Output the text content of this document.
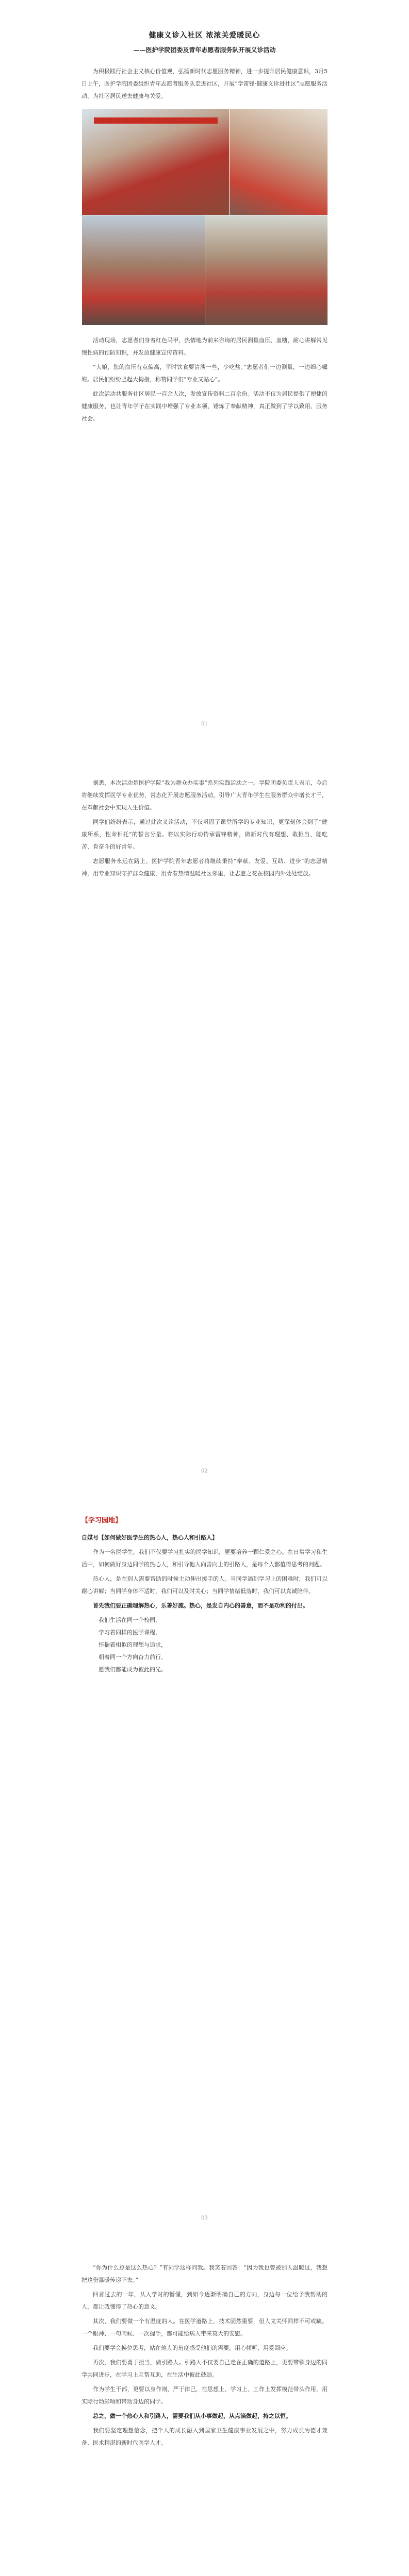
健康义诊入社区 浓浓关爱暖民心
——医护学院团委及青年志愿者服务队开展义诊活动

为积极践行社会主义核心价值观，弘扬新时代志愿服务精神，进一步提升居民健康意识，3月5日上午，医护学院团委组织青年志愿者服务队走进社区，开展“学雷锋·健康义诊进社区”志愿服务活动，为社区居民送去健康与关爱。

活动现场，志愿者们身着红色马甲，热情地为前来咨询的居民测量血压、血糖，耐心讲解常见慢性病的预防知识，并发放健康宣传资料。

“大娘，您的血压有点偏高，平时饮食要清淡一些，少吃盐。”志愿者们一边测量，一边细心嘱咐。居民们纷纷竖起大拇指，称赞同学们“专业又贴心”。

此次活动共服务社区居民一百余人次，发放宣传资料二百余份。活动不仅为居民提供了便捷的健康服务，也让青年学子在实践中增强了专业本领，锤炼了奉献精神，真正做到了学以致用、服务社会。

01

据悉，本次活动是医护学院“我为群众办实事”系列实践活动之一。学院团委负责人表示，今后将继续发挥医学专业优势，常态化开展志愿服务活动，引导广大青年学生在服务群众中增长才干，在奉献社会中实现人生价值。

同学们纷纷表示，通过此次义诊活动，不仅巩固了课堂所学的专业知识，更深刻体会到了“健康所系，性命相托”的誓言分量。将以实际行动传承雷锋精神，做新时代有理想、敢担当、能吃苦、肯奋斗的好青年。

志愿服务永远在路上。医护学院青年志愿者将继续秉持“奉献、友爱、互助、进步”的志愿精神，用专业知识守护群众健康，用青春热情温暖社区邻里，让志愿之花在校园内外处处绽放。

02
【学习园地】

自媒号【如何做好医学生的热心人，热心人和引路人】

作为一名医学生，我们不仅要学习扎实的医学知识，更要培养一颗仁爱之心。在日常学习和生活中，如何做好身边同学的热心人，和引导他人向善向上的引路人，是每个人都值得思考的问题。

热心人，是在别人需要帮助的时候主动伸出援手的人。当同学遇到学习上的困难时，我们可以耐心讲解；当同学身体不适时，我们可以及时关心；当同学情绪低落时，我们可以真诚陪伴。

首先我们要正确理解热心，乐善好施。热心，是发自内心的善意，而不是功利的付出。

我们生活在同一个校园，

学习着同样的医学课程，

怀揣着相似的理想与追求，

朝着同一个方向奋力前行。

愿我们都能成为彼此的光。

03

“你为什么总是这么热心？”有同学这样问我。我笑着回答：“因为我也曾被别人温暖过，我想把这份温暖传递下去。”

回首过去的一年，从入学时的懵懂，到如今逐渐明确自己的方向，身边每一位给予我帮助的人，都让我懂得了热心的意义。

其次，我们要做一个有温度的人。在医学道路上，技术固然重要，但人文关怀同样不可或缺。一个眼神、一句问候、一次握手，都可能给病人带来莫大的安慰。

我们要学会换位思考，站在他人的角度感受他们的需要，用心倾听，用爱回应。

再次，我们要勇于担当，做引路人。引路人不仅要自己走在正确的道路上，更要带领身边的同学共同进步，在学习上互帮互助，在生活中彼此鼓励。

作为学生干部，更要以身作则，严于律己，在思想上、学习上、工作上发挥模范带头作用，用实际行动影响和带动身边的同学。

总之，做一个热心人和引路人，需要我们从小事做起，从点滴做起，持之以恒。

我们要坚定理想信念，把个人的成长融入到国家卫生健康事业发展之中，努力成长为德才兼备、医术精湛的新时代医学人才。
